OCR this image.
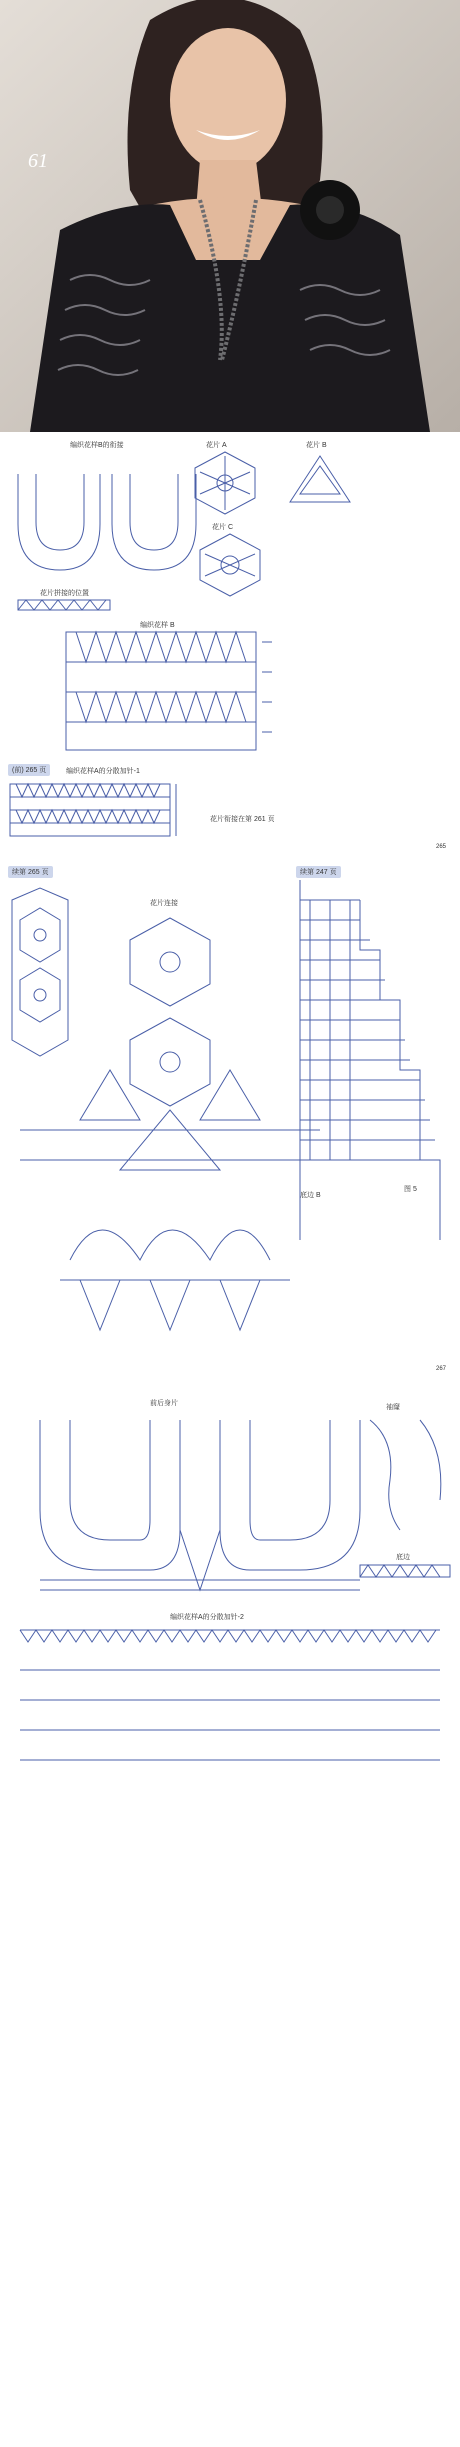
61
编织花样B的衔接	花片 A	花片 B
花片 C
花片拼接的位置
编织花样 B
(前) 265 页	编织花样A的分散加针-1
花片衔接在第 261 页
265
续第 265 页	续第 247 页
花片连接
底边 B
图 5
267
前后身片
袖窿
底边
编织花样A的分散加针-2
